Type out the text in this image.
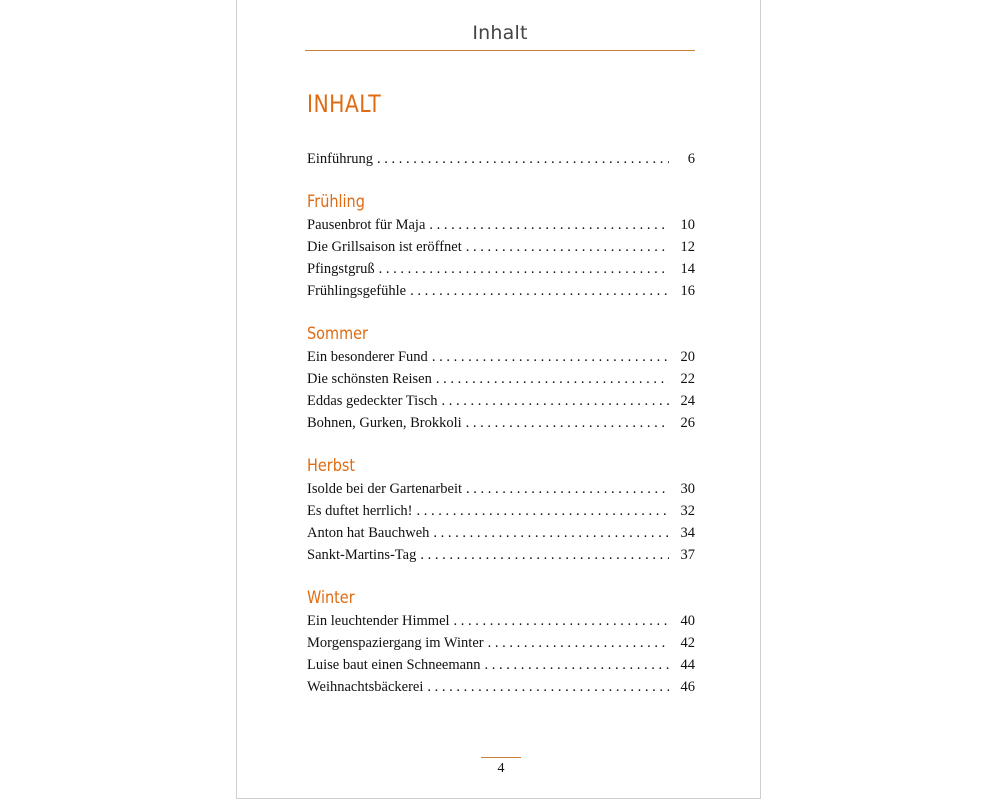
Inhalt
INHALT
Einführung . . .	6
Frühling
Pausenbrot für Maja . . .	10
Die Grillsaison ist eröffnet . . .	12
Pfingstgruß . . .	14
Frühlingsgefühle . . .	16
Sommer
Ein besonderer Fund . . .	20
Die schönsten Reisen . . .	22
Eddas gedeckter Tisch . . .	24
Bohnen, Gurken, Brokkoli . . .	26
Herbst
Isolde bei der Gartenarbeit . . .	30
Es duftet herrlich! . . .	32
Anton hat Bauchweh . . .	34
Sankt-Martins-Tag . . .	37
Winter
Ein leuchtender Himmel . . .	40
Morgenspaziergang im Winter . . .	42
Luise baut einen Schneemann . . .	44
Weihnachtsbäckerei . . .	46
4
